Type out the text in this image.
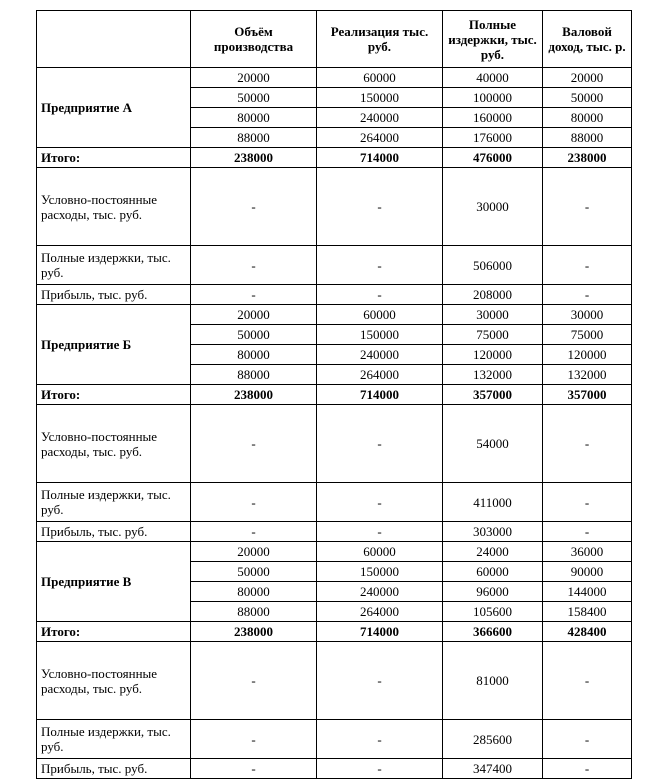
	Объём производства	Реализация тыс. руб.	Полные издержки, тыс. руб.	Валовой доход, тыс. р.
Предприятие А	20000	60000	40000	20000
	50000	150000	100000	50000
	80000	240000	160000	80000
	88000	264000	176000	88000
Итого:	238000	714000	476000	238000
Условно-постоянные расходы, тыс. руб.	-	-	30000	-
Полные издержки, тыс. руб.	-	-	506000	-
Прибыль, тыс. руб.	-	-	208000	-
Предприятие Б	20000	60000	30000	30000
	50000	150000	75000	75000
	80000	240000	120000	120000
	88000	264000	132000	132000
Итого:	238000	714000	357000	357000
Условно-постоянные расходы, тыс. руб.	-	-	54000	-
Полные издержки, тыс. руб.	-	-	411000	-
Прибыль, тыс. руб.	-	-	303000	-
Предприятие В	20000	60000	24000	36000
	50000	150000	60000	90000
	80000	240000	96000	144000
	88000	264000	105600	158400
Итого:	238000	714000	366600	428400
Условно-постоянные расходы, тыс. руб.	-	-	81000	-
Полные издержки, тыс. руб.	-	-	285600	-
Прибыль, тыс. руб.	-	-	347400	-
